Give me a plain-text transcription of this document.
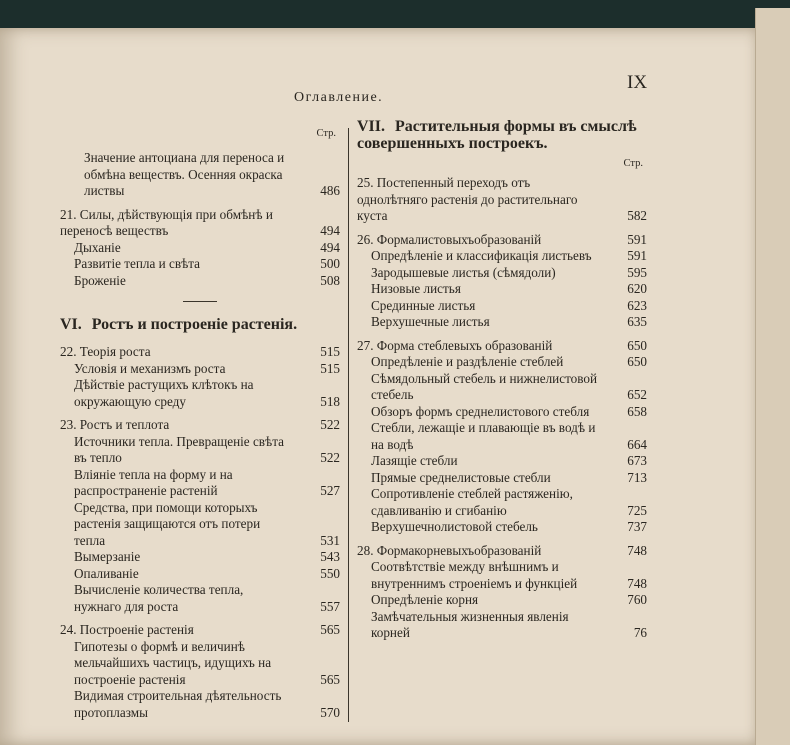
Оглавление.
IX
Стр.
Значение антоциана для переноса и обмѣна веществъ. Осенняя окраска листвы	486
21. Силы, дѣйствующія при обмѣнѣ и переносѣ веществъ	494
Дыханіе	494
Развитіе тепла и свѣта	500
Броженіе	508
VI. Ростъ и построеніе растенія.
22. Теорія роста	515
Условія и механизмъ роста	515
Дѣйствіе растущихъ клѣтокъ на окружающую среду	518
23. Ростъ и теплота	522
Источники тепла. Превращеніе свѣта въ тепло	522
Вліяніе тепла на форму и на распространеніе растеній	527
Средства, при помощи которыхъ растенія защищаются отъ потери тепла	531
Вымерзаніе	543
Опаливаніе	550
Вычисленіе количества тепла, нужнаго для роста	557
24. Построеніе растенія	565
Гипотезы о формѣ и величинѣ мельчайшихъ частицъ, идущихъ на построеніе растенія	565
Видимая строительная дѣятельность протоплазмы	570
VII. Растительныя формы въ смыслѣ совершенныхъ построекъ.
Стр.
25. Постепенный переходъ отъ однолѣтняго растенія до растительнаго куста	582
26. Формалистовыхъобразованій	591
Опредѣленіе и классификація листьевъ	591
Зародышевые листья (сѣмядоли)	595
Низовые листья	620
Срединные листья	623
Верхушечные листья	635
27. Форма стеблевыхъ образованій	650
Опредѣленіе и раздѣленіе стеблей	650
Сѣмядольный стебель и нижнелистовой стебель	652
Обзоръ формъ среднелистового стебля	658
Стебли, лежащіе и плавающіе въ водѣ и на водѣ	664
Лазящіе стебли	673
Прямые среднелистовые стебли	713
Сопротивленіе стеблей растяженію, сдавливанію и сгибанію	725
Верхушечнолистовой стебель	737
28. Формакорневыхъобразованій	748
Соотвѣтствіе между внѣшнимъ и внутреннимъ строеніемъ и функціей	748
Опредѣленіе корня	760
Замѣчательныя жизненныя явленія корней	76
